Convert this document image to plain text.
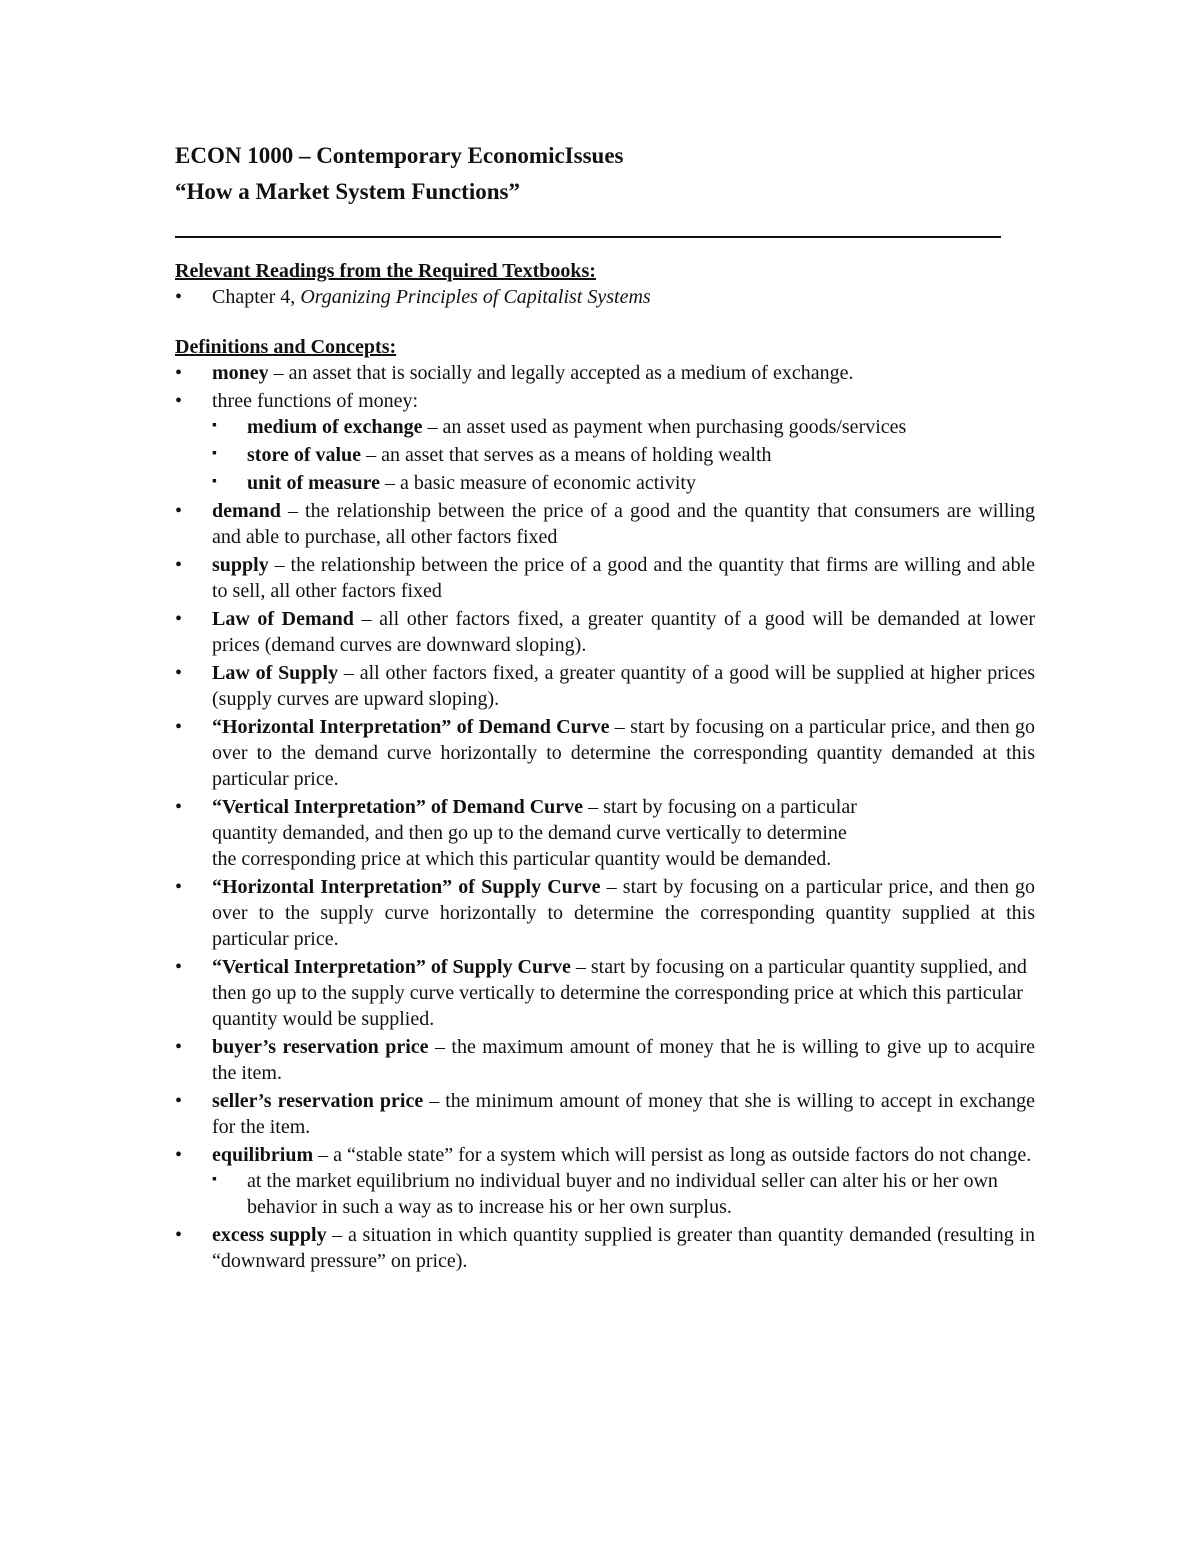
ECON 1000 – Contemporary EconomicIssues

“How a Market System Functions”

Relevant Readings from the Required Textbooks:

•	Chapter 4, Organizing Principles of Capitalist Systems

Definitions and Concepts:

•	money – an asset that is socially and legally accepted as a medium of exchange.
•	three functions of money:
▪ medium of exchange – an asset used as payment when purchasing goods/services
▪ store of value – an asset that serves as a means of holding wealth
▪ unit of measure – a basic measure of economic activity
•	demand – the relationship between the price of a good and the quantity that consumers are willing and able to purchase, all other factors fixed
•	supply – the relationship between the price of a good and the quantity that firms are willing and able to sell, all other factors fixed
•	Law of Demand – all other factors fixed, a greater quantity of a good will be demanded at lower prices (demand curves are downward sloping).
•	Law of Supply – all other factors fixed, a greater quantity of a good will be supplied at higher prices (supply curves are upward sloping).
•	“Horizontal Interpretation” of Demand Curve – start by focusing on a particular price, and then go over to the demand curve horizontally to determine the corresponding quantity demanded at this particular price.
•	“Vertical Interpretation” of Demand Curve – start by focusing on a particular
quantity demanded, and then go up to the demand curve vertically to determine
the corresponding price at which this particular quantity would be demanded.
•	“Horizontal Interpretation” of Supply Curve – start by focusing on a particular price, and then go over to the supply curve horizontally to determine the corresponding quantity supplied at this particular price.
•	“Vertical Interpretation” of Supply Curve – start by focusing on a particular quantity supplied, and then go up to the supply curve vertically to determine the corresponding price at which this particular quantity would be supplied.
•	buyer’s reservation price – the maximum amount of money that he is willing to give up to acquire the item.
•	seller’s reservation price – the minimum amount of money that she is willing to accept in exchange for the item.
•	equilibrium – a “stable state” for a system which will persist as long as outside factors do not change.
▪ at the market equilibrium no individual buyer and no individual seller can alter his or her own behavior in such a way as to increase his or her own surplus.
•	excess supply – a situation in which quantity supplied is greater than quantity demanded (resulting in “downward pressure” on price).
